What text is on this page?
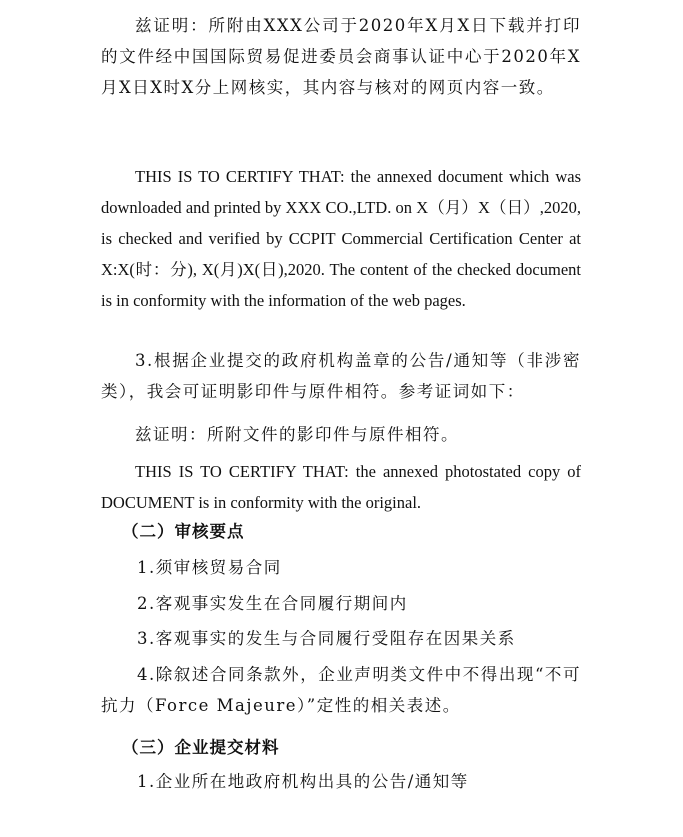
兹证明：所附由XXX公司于2020年X月X日下载并打印的文件经中国国际贸易促进委员会商事认证中心于2020年X月X日X时X分上网核实，其内容与核对的网页内容一致。

THIS IS TO CERTIFY THAT: the annexed document which was downloaded and printed by XXX CO.,LTD. on X（月）X（日）,2020, is checked and verified by CCPIT Commercial Certification Center at X:X(时：分), X(月)X(日),2020. The content of the checked document is in conformity with the information of the web pages.

3.根据企业提交的政府机构盖章的公告/通知等（非涉密类），我会可证明影印件与原件相符。参考证词如下：

兹证明：所附文件的影印件与原件相符。

THIS IS TO CERTIFY THAT: the annexed photostated copy of DOCUMENT is in conformity with the original.

（二）审核要点
1.须审核贸易合同
2.客观事实发生在合同履行期间内
3.客观事实的发生与合同履行受阻存在因果关系

4.除叙述合同条款外，企业声明类文件中不得出现“不可抗力（Force Majeure）”定性的相关表述。

（三）企业提交材料
1.企业所在地政府机构出具的公告/通知等
